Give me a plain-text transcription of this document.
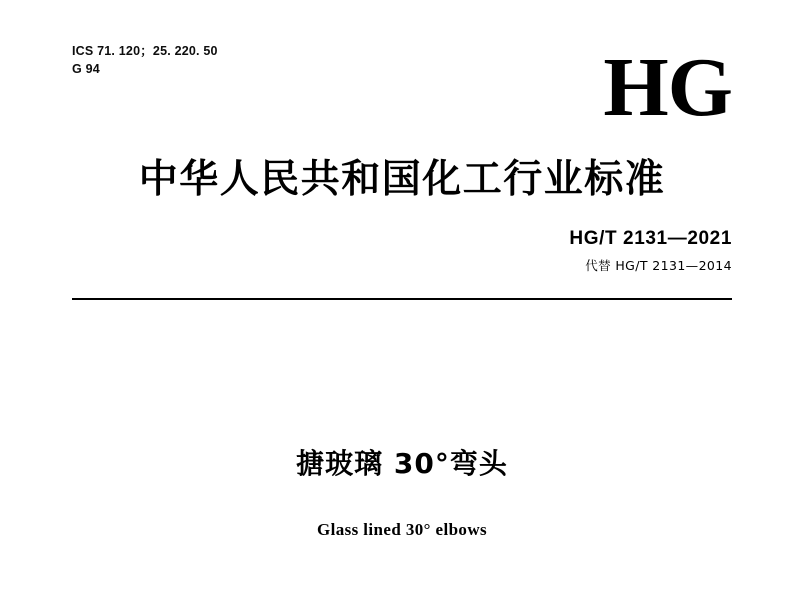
ICS 71. 120；25. 220. 50
G 94	HG
中华人民共和国化工行业标准
HG/T 2131—2021
代替 HG/T 2131—2014
搪玻璃 30°弯头
Glass lined 30° elbows
